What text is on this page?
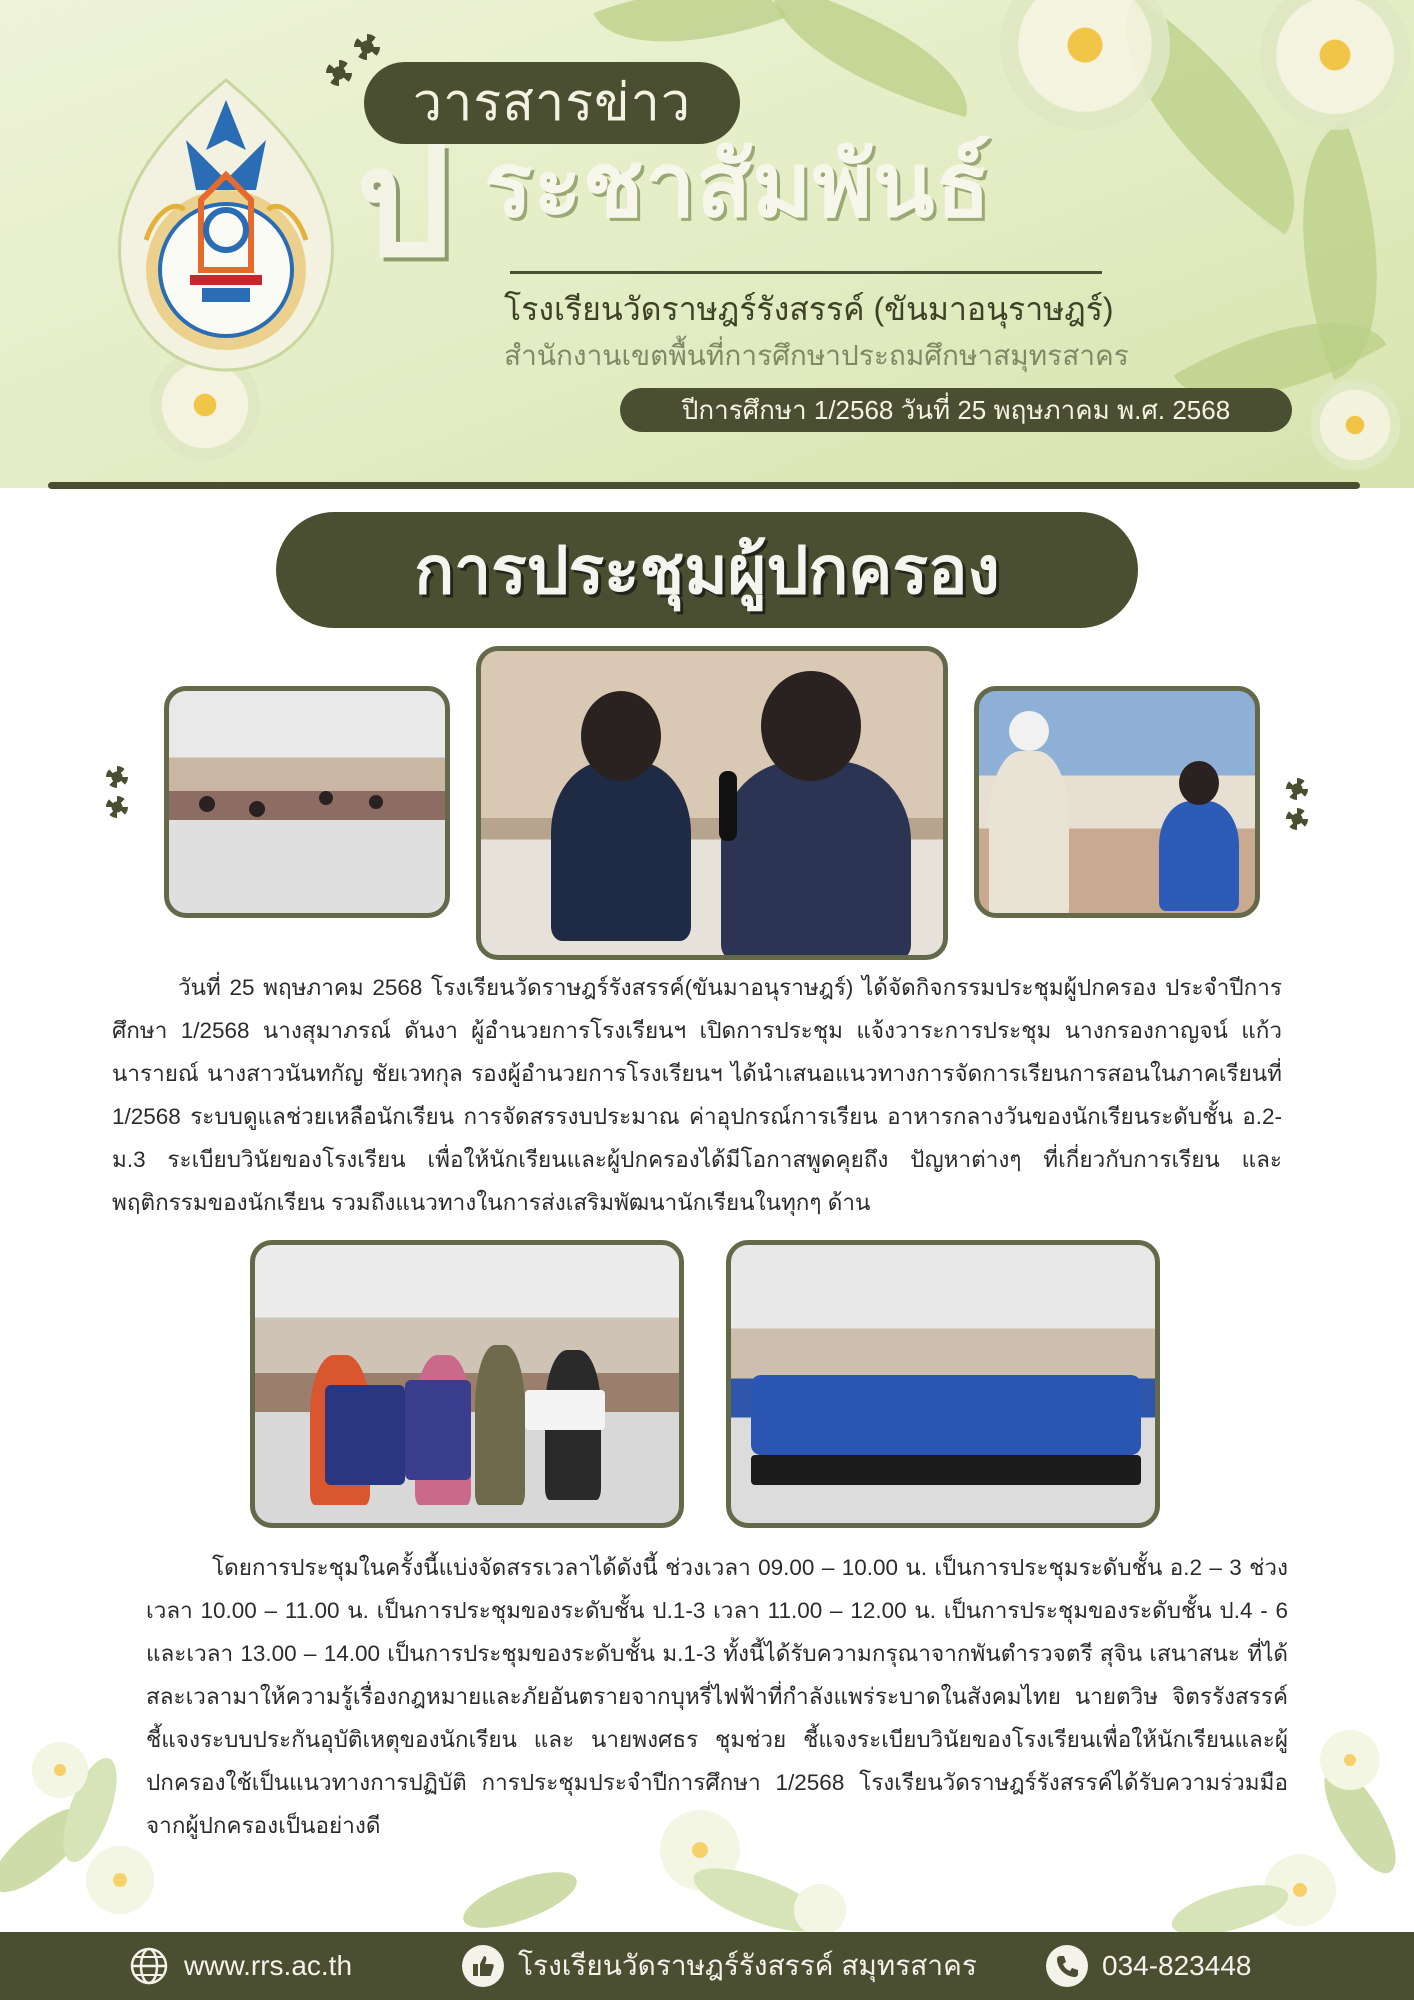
วารสารข่าว
ป ระชาสัมพันธ์
โรงเรียนวัดราษฎร์รังสรรค์ (ขันมาอนุราษฎร์)
สำนักงานเขตพื้นที่การศึกษาประถมศึกษาสมุทรสาคร
ปีการศึกษา 1/2568 วันที่ 25 พฤษภาคม พ.ศ. 2568
การประชุมผู้ปกครอง

วันที่ 25 พฤษภาคม 2568 โรงเรียนวัดราษฎร์รังสรรค์(ขันมาอนุราษฎร์) ได้จัดกิจกรรมประชุมผู้ปกครอง ประจำปีการศึกษา 1/2568 นางสุมาภรณ์ ดันงา ผู้อำนวยการโรงเรียนฯ เปิดการประชุม แจ้งวาระการประชุม นางกรองกาญจน์ แก้วนารายณ์ นางสาวนันทกัญ ชัยเวทกุล รองผู้อำนวยการโรงเรียนฯ ได้นำเสนอแนวทางการจัดการเรียนการสอนในภาคเรียนที่ 1/2568 ระบบดูแลช่วยเหลือนักเรียน การจัดสรรงบประมาณ ค่าอุปกรณ์การเรียน อาหารกลางวันของนักเรียนระดับชั้น อ.2-ม.3 ระเบียบวินัยของโรงเรียน เพื่อให้นักเรียนและผู้ปกครองได้มีโอกาสพูดคุยถึง ปัญหาต่างๆ ที่เกี่ยวกับการเรียน และพฤติกรรมของนักเรียน รวมถึงแนวทางในการส่งเสริมพัฒนานักเรียนในทุกๆ ด้าน

โดยการประชุมในครั้งนี้แบ่งจัดสรรเวลาได้ดังนี้ ช่วงเวลา 09.00 – 10.00 น. เป็นการประชุมระดับชั้น อ.2 – 3 ช่วงเวลา 10.00 – 11.00 น. เป็นการประชุมของระดับชั้น ป.1-3 เวลา 11.00 – 12.00 น. เป็นการประชุมของระดับชั้น ป.4 - 6 และเวลา 13.00 – 14.00 เป็นการประชุมของระดับชั้น ม.1-3 ทั้งนี้ได้รับความกรุณาจากพันตำรวจตรี สุจิน เสนาสนะ ที่ได้สละเวลามาให้ความรู้เรื่องกฎหมายและภัยอันตรายจากบุหรี่ไฟฟ้าที่กำลังแพร่ระบาดในสังคมไทย นายตวิษ จิตรรังสรรค์ ชี้แจงระบบประกันอุบัติเหตุของนักเรียน และ นายพงศธร ชุมช่วย ชี้แจงระเบียบวินัยของโรงเรียนเพื่อให้นักเรียนและผู้ปกครองใช้เป็นแนวทางการปฏิบัติ การประชุมประจำปีการศึกษา 1/2568 โรงเรียนวัดราษฎร์รังสรรค์ได้รับความร่วมมือจากผู้ปกครองเป็นอย่างดี

www.rrs.ac.th	โรงเรียนวัดราษฎร์รังสรรค์ สมุทรสาคร	034-823448
